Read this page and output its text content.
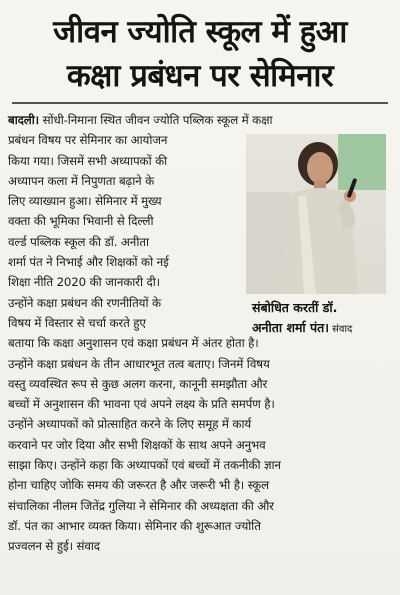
जीवन ज्योति स्कूल में हुआ
कक्षा प्रबंधन पर सेमिनार
संबोधित करतीं डॉ.
अनीता शर्मा पंत। संवाद
बादली। सोंधी-निमाना स्थित जीवन ज्योति पब्लिक स्कूल में कक्षा
प्रबंधन विषय पर सेमिनार का आयोजन
किया गया। जिसमें सभी अध्यापकों की
अध्यापन कला में निपुणता बढ़ाने के
लिए व्याख्यान हुआ। सेमिनार में मुख्य
वक्ता की भूमिका भिवानी से दिल्ली
वर्ल्ड पब्लिक स्कूल की डॉ. अनीता
शर्मा पंत ने निभाई और शिक्षकों को नई
शिक्षा नीति 2020 की जानकारी दी।
उन्होंने कक्षा प्रबंधन की रणनीतियों के
विषय में विस्तार से चर्चा करते हुए
बताया कि कक्षा अनुशासन एवं कक्षा प्रबंधन में अंतर होता है।
उन्होंने कक्षा प्रबंधन के तीन आधारभूत तत्व बताए। जिनमें विषय
वस्तु व्यवस्थित रूप से कुछ अलग करना, कानूनी समझौता और
बच्चों में अनुशासन की भावना एवं अपने लक्ष्य के प्रति समर्पण है।
उन्होंने अध्यापकों को प्रोत्साहित करने के लिए समूह में कार्य
करवाने पर जोर दिया और सभी शिक्षकों के साथ अपने अनुभव
साझा किए। उन्होंने कहा कि अध्यापकों एवं बच्चों में तकनीकी ज्ञान
होना चाहिए जोकि समय की जरूरत है और जरूरी भी है। स्कूल
संचालिका नीलम जितेंद्र गुलिया ने सेमिनार की अध्यक्षता की और
डॉ. पंत का आभार व्यक्त किया। सेमिनार की शुरूआत ज्योति
प्रज्वलन से हुई। संवाद
